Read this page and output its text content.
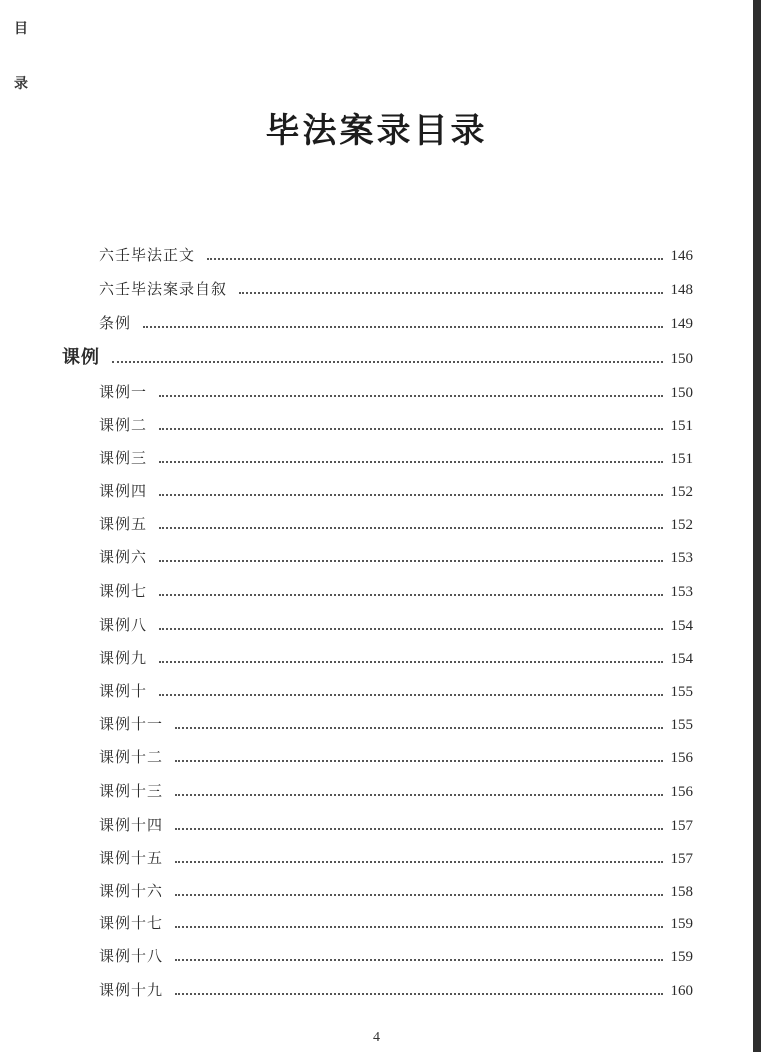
目
录
毕法案录目录
六壬毕法正文	146
六壬毕法案录自叙	148
条例	149
课例	150
课例一	150
课例二	151
课例三	151
课例四	152
课例五	152
课例六	153
课例七	153
课例八	154
课例九	154
课例十	155
课例十一	155
课例十二	156
课例十三	156
课例十四	157
课例十五	157
课例十六	158
课例十七	159
课例十八	159
课例十九	160
4
